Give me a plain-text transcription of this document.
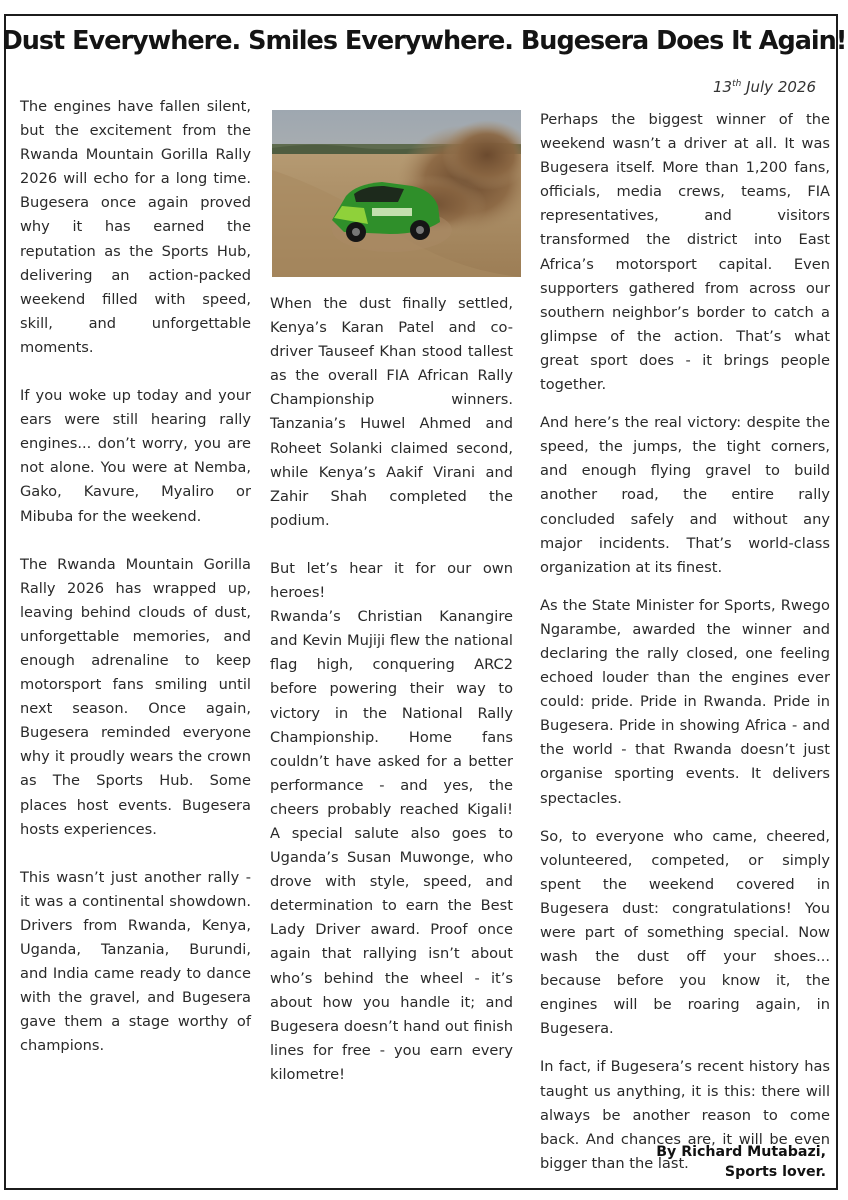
Dust Everywhere. Smiles Everywhere. Bugesera Does It Again!
13th July 2026

The engines have fallen silent, but the excitement from the Rwanda Mountain Gorilla Rally 2026 will echo for a long time. Bugesera once again proved why it has earned the reputation as the Sports Hub, delivering an action-packed weekend filled with speed, skill, and unforgettable moments.

If you woke up today and your ears were still hearing rally engines... don’t worry, you are not alone. You were at Nemba, Gako, Kavure, Myaliro or Mibuba for the weekend.

The Rwanda Mountain Gorilla Rally 2026 has wrapped up, leaving behind clouds of dust, unforgettable memories, and enough adrenaline to keep motorsport fans smiling until next season. Once again, Bugesera reminded everyone why it proudly wears the crown as The Sports Hub. Some places host events. Bugesera hosts experiences.

This wasn’t just another rally - it was a continental showdown. Drivers from Rwanda, Kenya, Uganda, Tanzania, Burundi, and India came ready to dance with the gravel, and Bugesera gave them a stage worthy of champions.

When the dust finally settled, Kenya’s Karan Patel and co-driver Tauseef Khan stood tallest as the overall FIA African Rally Championship winners. Tanzania’s Huwel Ahmed and Roheet Solanki claimed second, while Kenya’s Aakif Virani and Zahir Shah completed the podium.

But let’s hear it for our own heroes!

Rwanda’s Christian Kanangire and Kevin Mujiji flew the national flag high, conquering ARC2 before powering their way to victory in the National Rally Championship. Home fans couldn’t have asked for a better performance - and yes, the cheers probably reached Kigali! A special salute also goes to Uganda’s Susan Muwonge, who drove with style, speed, and determination to earn the Best Lady Driver award. Proof once again that rallying isn’t about who’s behind the wheel - it’s about how you handle it; and Bugesera doesn’t hand out finish lines for free - you earn every kilometre!

Perhaps the biggest winner of the weekend wasn’t a driver at all. It was Bugesera itself. More than 1,200 fans, officials, media crews, teams, FIA representatives, and visitors transformed the district into East Africa’s motorsport capital. Even supporters gathered from across our southern neighbor’s border to catch a glimpse of the action. That’s what great sport does - it brings people together.

And here’s the real victory: despite the speed, the jumps, the tight corners, and enough flying gravel to build another road, the entire rally concluded safely and without any major incidents. That’s world-class organization at its finest.

As the State Minister for Sports, Rwego Ngarambe, awarded the winner and declaring the rally closed, one feeling echoed louder than the engines ever could: pride. Pride in Rwanda. Pride in Bugesera. Pride in showing Africa - and the world - that Rwanda doesn’t just organise sporting events. It delivers spectacles.

So, to everyone who came, cheered, volunteered, competed, or simply spent the weekend covered in Bugesera dust: congratulations! You were part of something special. Now wash the dust off your shoes... because before you know it, the engines will be roaring again, in Bugesera.

In fact, if Bugesera’s recent history has taught us anything, it is this: there will always be another reason to come back. And chances are, it will be even bigger than the last.

By Richard Mutabazi,
Sports lover.
